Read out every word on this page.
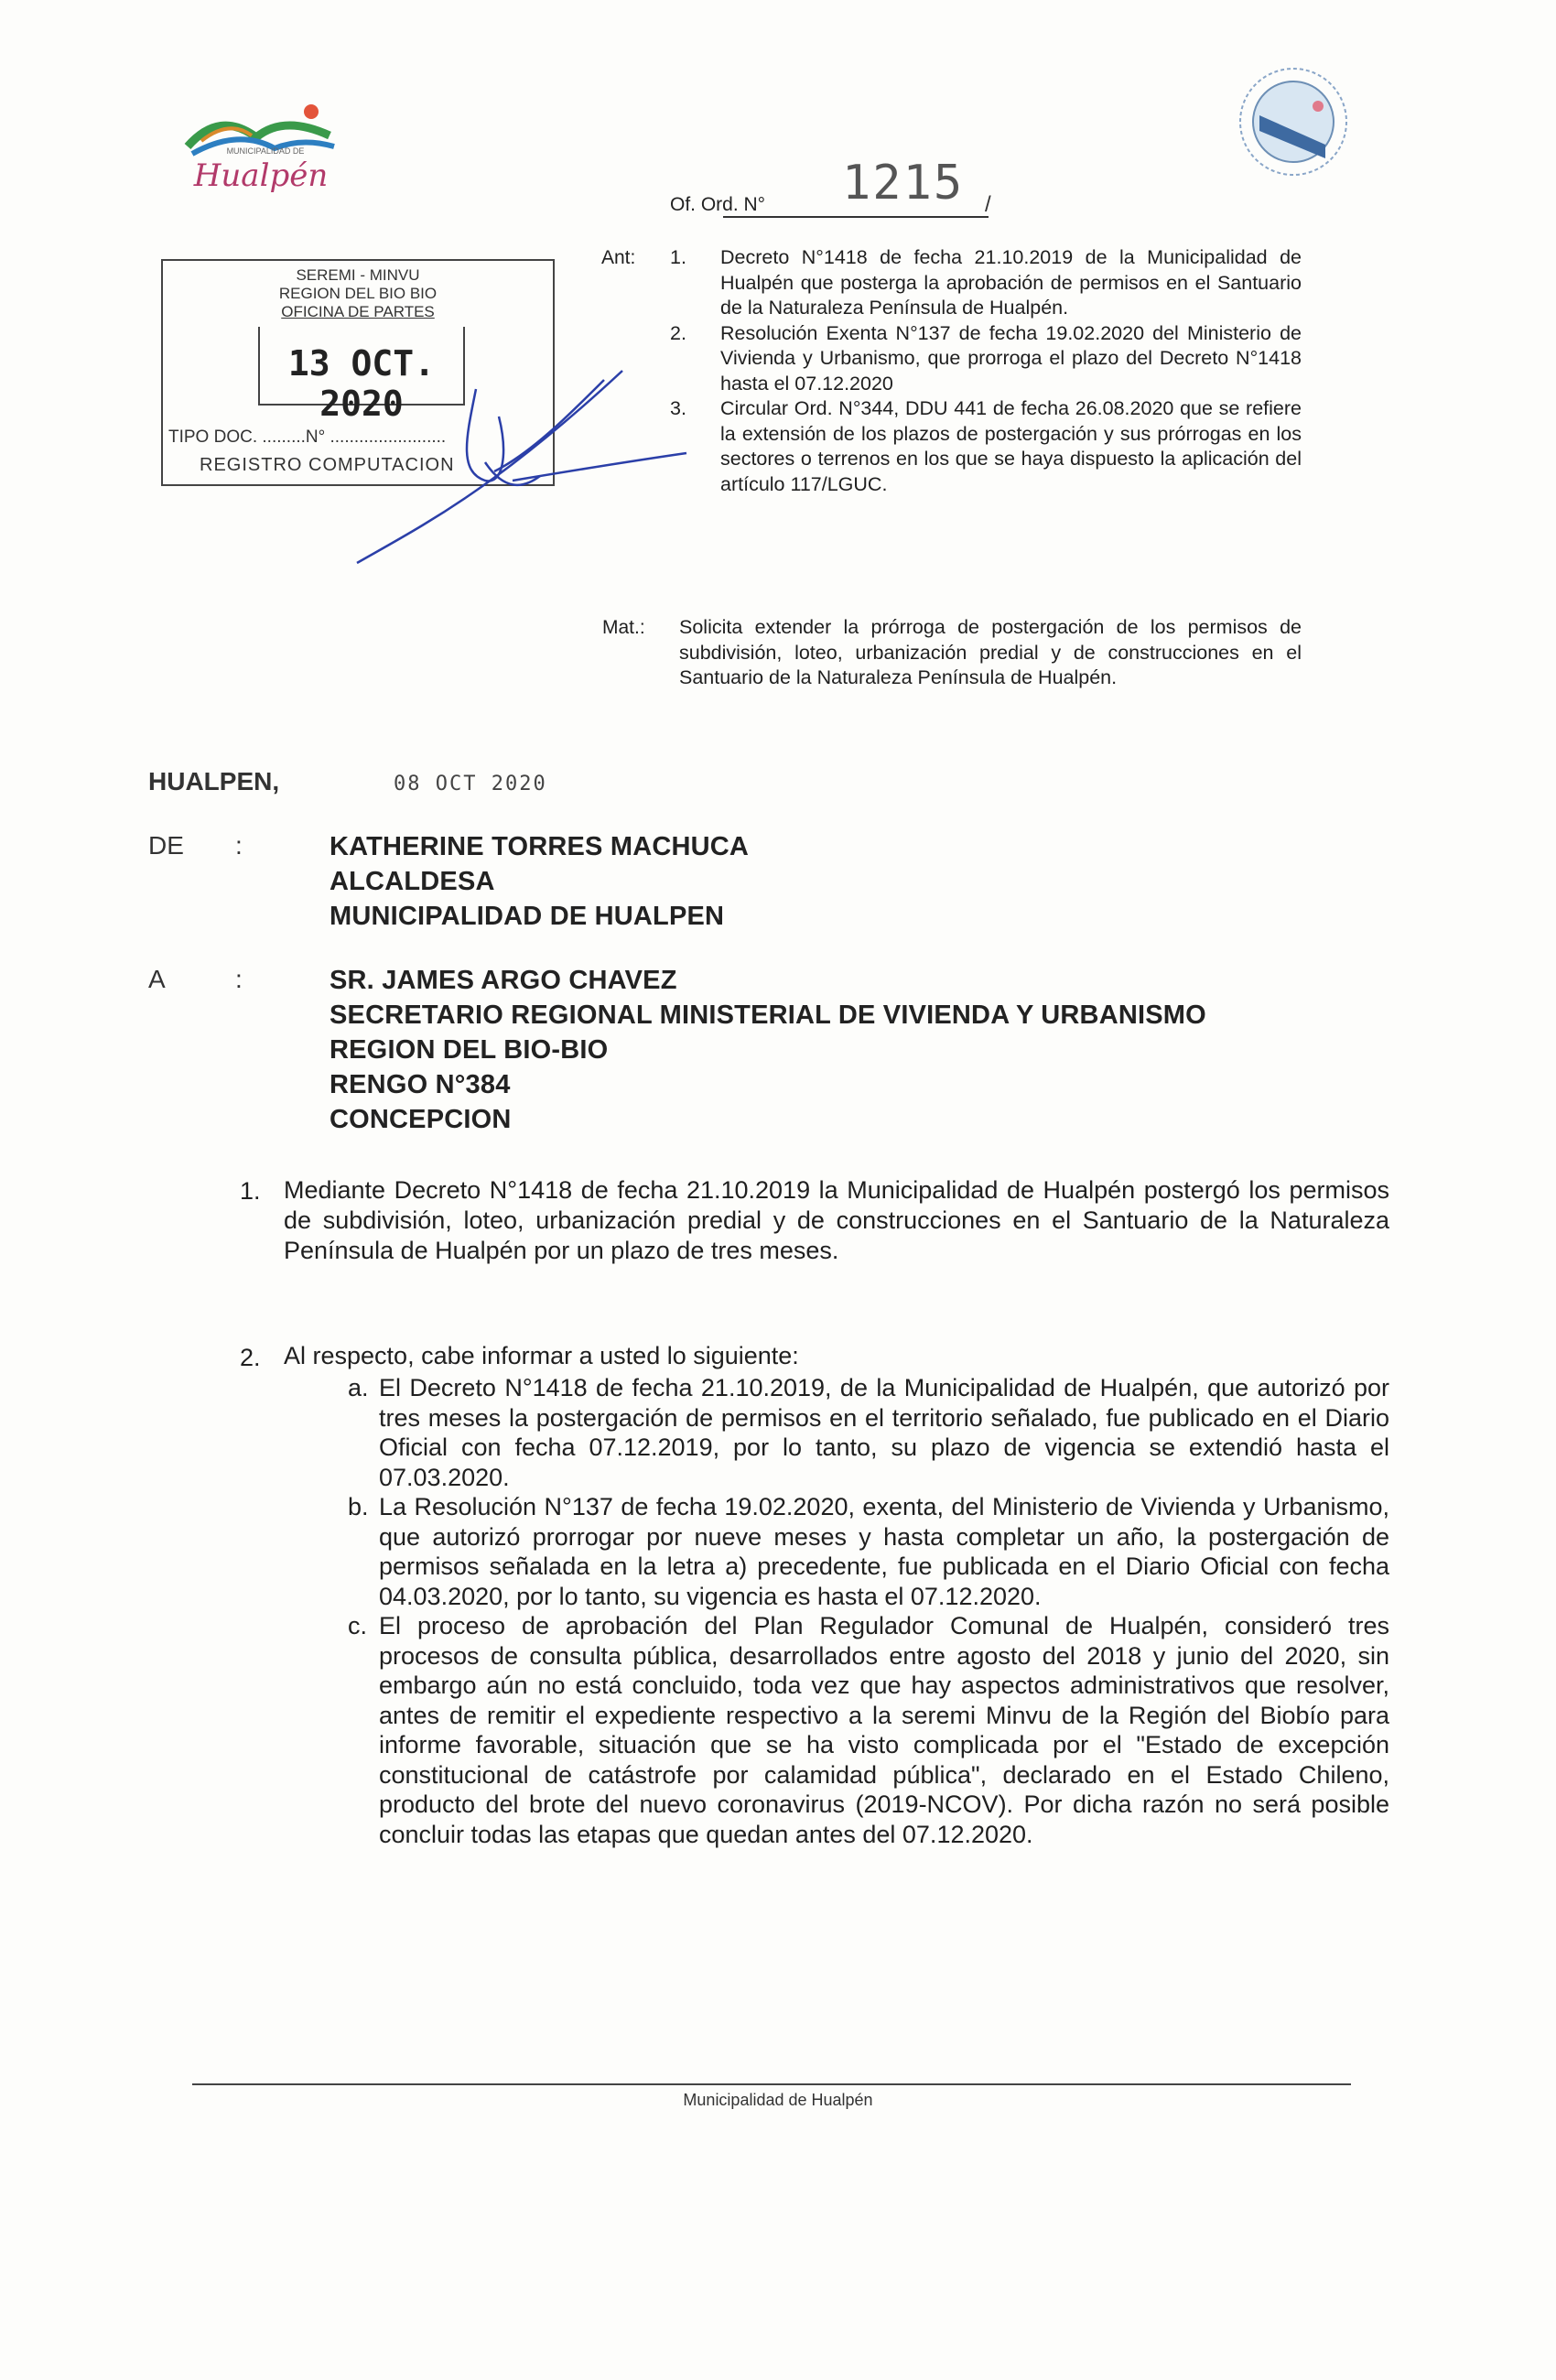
MUNICIPALIDAD DE
Hualpén
Of. Ord. N° 1215 /
SEREMI - MINVU
REGION DEL BIO BIO
OFICINA DE PARTES
13 OCT. 2020
TIPO DOC. .........N° ........................
REGISTRO COMPUTACION
Ant: 1. Decreto N°1418 de fecha 21.10.2019 de la Municipalidad de Hualpén que posterga la aprobación de permisos en el Santuario de la Naturaleza Península de Hualpén.
2. Resolución Exenta N°137 de fecha 19.02.2020 del Ministerio de Vivienda y Urbanismo, que prorroga el plazo del Decreto N°1418 hasta el 07.12.2020
3. Circular Ord. N°344, DDU 441 de fecha 26.08.2020 que se refiere la extensión de los plazos de postergación y sus prórrogas en los sectores o terrenos en los que se haya dispuesto la aplicación del artículo 117/LGUC.
Mat.: Solicita extender la prórroga de postergación de los permisos de subdivisión, loteo, urbanización predial y de construcciones en el Santuario de la Naturaleza Península de Hualpén.

HUALPEN,	08 OCT 2020
DE :	KATHERINE TORRES MACHUCA
ALCALDESA
MUNICIPALIDAD DE HUALPEN
A	:	SR. JAMES ARGO CHAVEZ
SECRETARIO REGIONAL MINISTERIAL DE VIVIENDA Y URBANISMO
REGION DEL BIO-BIO
RENGO N°384
CONCEPCION
1. Mediante Decreto N°1418 de fecha 21.10.2019 la Municipalidad de Hualpén postergó los permisos de subdivisión, loteo, urbanización predial y de construcciones en el Santuario de la Naturaleza Península de Hualpén por un plazo de tres meses.

2. Al respecto, cabe informar a usted lo siguiente:

a. El Decreto N°1418 de fecha 21.10.2019, de la Municipalidad de Hualpén, que autorizó por tres meses la postergación de permisos en el territorio señalado, fue publicado en el Diario Oficial con fecha 07.12.2019, por lo tanto, su plazo de vigencia se extendió hasta el 07.03.2020.
b. La Resolución N°137 de fecha 19.02.2020, exenta, del Ministerio de Vivienda y Urbanismo, que autorizó prorrogar por nueve meses y hasta completar un año, la postergación de permisos señalada en la letra a) precedente, fue publicada en el Diario Oficial con fecha 04.03.2020, por lo tanto, su vigencia es hasta el 07.12.2020.
c. El proceso de aprobación del Plan Regulador Comunal de Hualpén, consideró tres procesos de consulta pública, desarrollados entre agosto del 2018 y junio del 2020, sin embargo aún no está concluido, toda vez que hay aspectos administrativos que resolver, antes de remitir el expediente respectivo a la seremi Minvu de la Región del Biobío para informe favorable, situación que se ha visto complicada por el "Estado de excepción constitucional de catástrofe por calamidad pública", declarado en el Estado Chileno, producto del brote del nuevo coronavirus (2019-NCOV). Por dicha razón no será posible concluir todas las etapas que quedan antes del 07.12.2020.
Municipalidad de Hualpén
